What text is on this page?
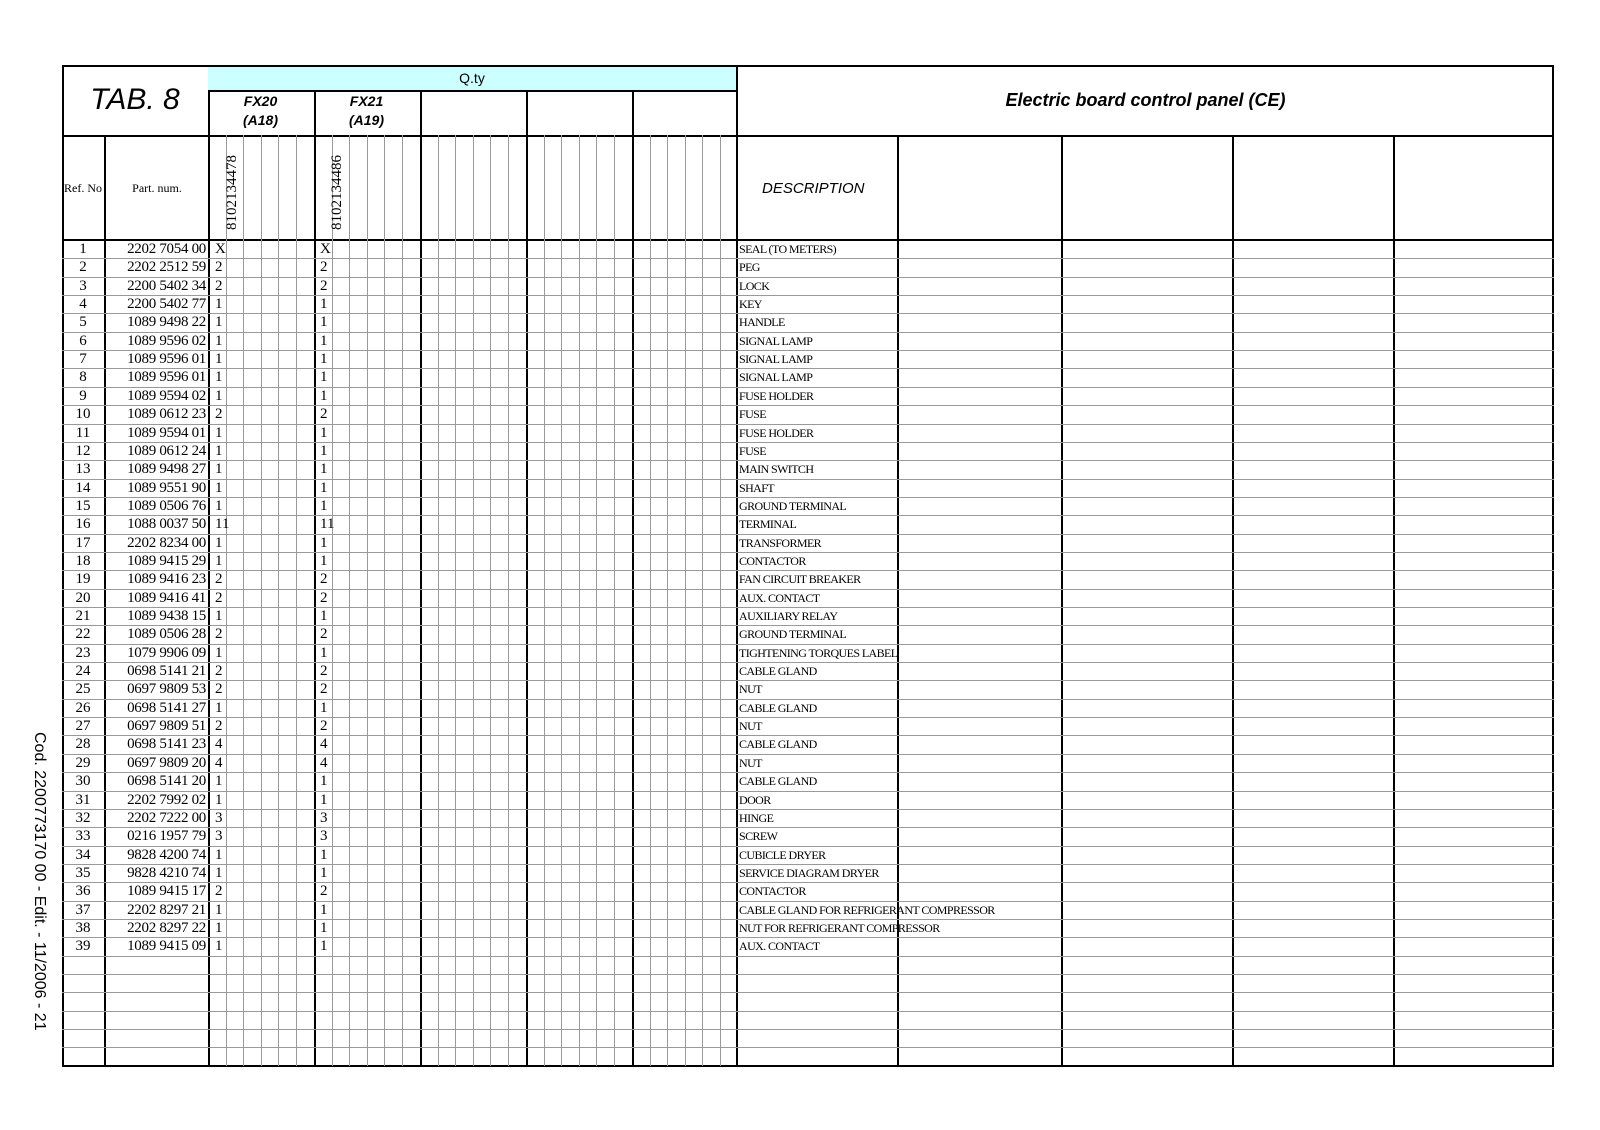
Q.ty
TAB. 8	FX20
(A18)
FX21
(A19)
Electric board control panel (CE)
Ref. No	Part. num.	DESCRIPTION
8102134478	8102134486
Cod. 2200773170 00 - Edit. - 11/2006 - 21
1	2202 7054 00 X	X	SEAL (TO METERS)
2	2202 2512 59 2	2	PEG
3	2200 5402 34 2	2	LOCK
4	2200 5402 77 1	1	KEY
5	1089 9498 22 1	1	HANDLE
6	1089 9596 02 1	1	SIGNAL LAMP
7	1089 9596 01 1	1	SIGNAL LAMP
8	1089 9596 01 1	1	SIGNAL LAMP
9	1089 9594 02 1	1	FUSE HOLDER
10	1089 0612 23 2	2	FUSE
11	1089 9594 01 1	1	FUSE HOLDER
12	1089 0612 24 1	1	FUSE
13	1089 9498 27 1	1	MAIN SWITCH
14	1089 9551 90 1	1	SHAFT
15	1089 0506 76 1	1	GROUND TERMINAL
16	1088 0037 50 11	11	TERMINAL
17	2202 8234 00 1	1	TRANSFORMER
18	1089 9415 29 1	1	CONTACTOR
19	1089 9416 23 2	2	FAN CIRCUIT BREAKER
20	1089 9416 41 2	2	AUX. CONTACT
21	1089 9438 15 1	1	AUXILIARY RELAY
22	1089 0506 28 2	2	GROUND TERMINAL
23	1079 9906 09 1	1	TIGHTENING TORQUES LABEL
24	0698 5141 21 2	2	CABLE GLAND
25	0697 9809 53 2	2	NUT
26	0698 5141 27 1	1	CABLE GLAND
27	0697 9809 51 2	2	NUT
28	0698 5141 23 4	4	CABLE GLAND
29	0697 9809 20 4	4	NUT
30	0698 5141 20 1	1	CABLE GLAND
31	2202 7992 02 1	1	DOOR
32	2202 7222 00 3	3	HINGE
33	0216 1957 79 3	3	SCREW
34	9828 4200 74 1	1	CUBICLE DRYER
35	9828 4210 74 1	1	SERVICE DIAGRAM DRYER
36	1089 9415 17 2	2	CONTACTOR
37	2202 8297 21 1	1	CABLE GLAND FOR REFRIGERANT COMPRESSOR
38	2202 8297 22 1	1	NUT FOR REFRIGERANT COMPRESSOR
39	1089 9415 09 1	1	AUX. CONTACT
